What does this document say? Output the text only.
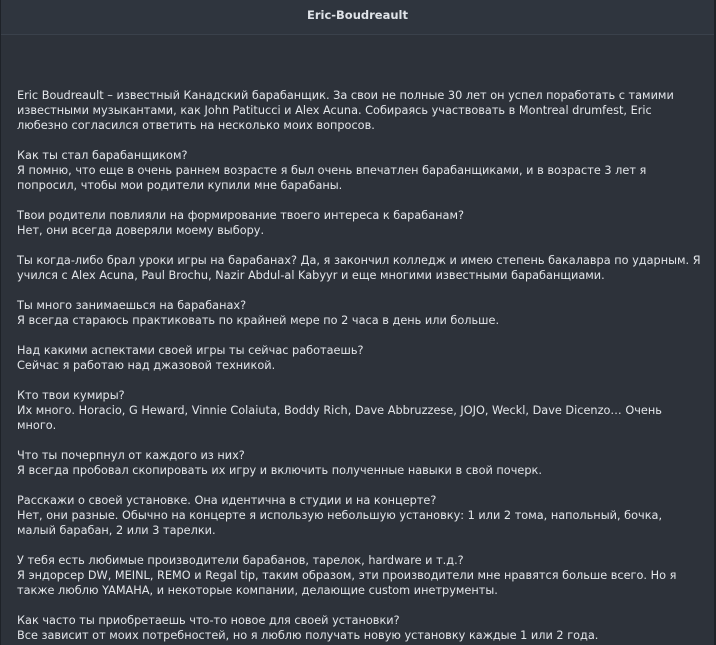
Eric-Boudreault

Eric Boudreault – известный Канадский барабанщик. За свои не полные 30 лет он успел поработать с тамими известными музыкантами, как John Patitucci и Alex Acuna. Собираясь участвовать в Montreal drumfest, Eric любезно согласился ответить на несколько моих вопросов.

Как ты стал барабанщиком?

Я помню, что еще в очень раннем возрасте я был очень впечатлен барабанщиками, и в возрасте 3 лет я попросил, чтобы мои родители купили мне барабаны.

Твои родители повлияли на формирование твоего интереса к барабанам?

Нет, они всегда доверяли моему выбору.

Ты когда-либо брал уроки игры на барабанах? Да, я закончил колледж и имею степень бакалавра по ударным. Я учился с Alex Acuna, Paul Brochu, Nazir Abdul-al Kabyyr и еще многими известными барабанщиами.

Ты много занимаешься на барабанах?

Я всегда стараюсь практиковать по крайней мере по 2 часа в день или больше.

Над какими аспектами своей игры ты сейчас работаешь?

Сейчас я работаю над джазовой техникой.

Кто твои кумиры?

Их много. Horacio, G Heward, Vinnie Colaiuta, Boddy Rich, Dave Abbruzzese, JOJO, Weckl, Dave Dicenzo… Очень много.

Что ты почерпнул от каждого из них?

Я всегда пробовал скопировать их игру и включить полученные навыки в свой почерк.

Расскажи о своей установке. Она идентична в студии и на концерте?

Нет, они разные. Обычно на концерте я использую небольшую установку: 1 или 2 тома, напольный, бочка, малый барабан, 2 или 3 тарелки.

У тебя есть любимые производители барабанов, тарелок, hardware и т.д.?

Я эндорсер DW, MEINL, REMO и Regal tip, таким образом, эти производители мне нравятся больше всего. Но я также люблю YAMAHA, и некоторые компании, делающие custom инетрументы.

Как часто ты приобретаешь что-то новое для своей установки?

Все зависит от моих потребностей, но я люблю получать новую установку каждые 1 или 2 года.
